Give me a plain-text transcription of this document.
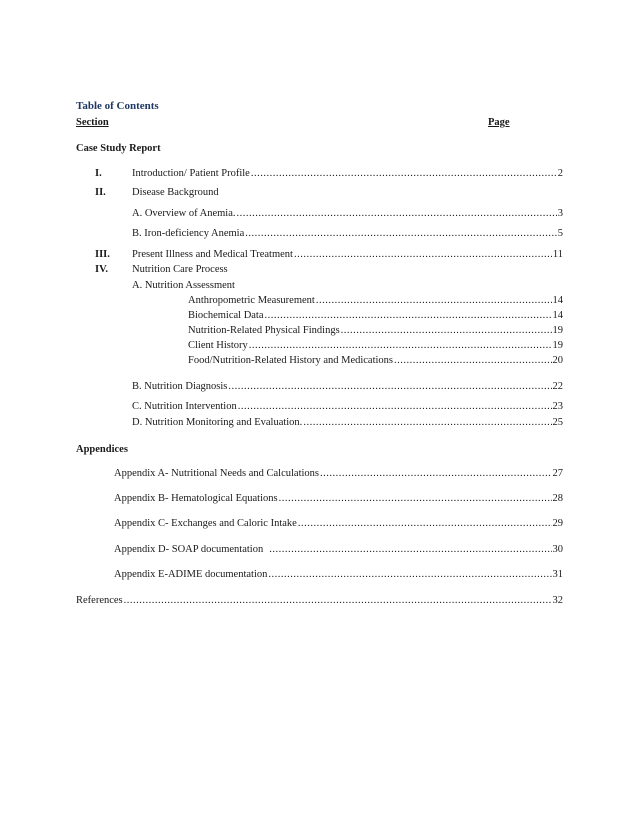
Table of Contents
Section	Page
Case Study Report
I.	Introduction/ Patient Profile .....	2
II. Disease Background
A. Overview of Anemia. .....	3
B. Iron-deficiency Anemia .....	5
III. Present Illness and Medical Treatment .....	11
IV. Nutrition Care Process
A. Nutrition Assessment
Anthropometric Measurement .....	14
Biochemical Data .....	14
Nutrition-Related Physical Findings .....	19
Client History .....	19
Food/Nutrition-Related History and Medications .....	20
B. Nutrition Diagnosis .....	22
C. Nutrition Intervention .....	23
D. Nutrition Monitoring and Evaluation. .....	25
Appendices
Appendix A- Nutritional Needs and Calculations .....	27
Appendix B- Hematological Equations .....	28
Appendix C- Exchanges and Caloric Intake .....	29
Appendix D- SOAP documentation .....	30
Appendix E-ADIME documentation .....	31
References .....	32
